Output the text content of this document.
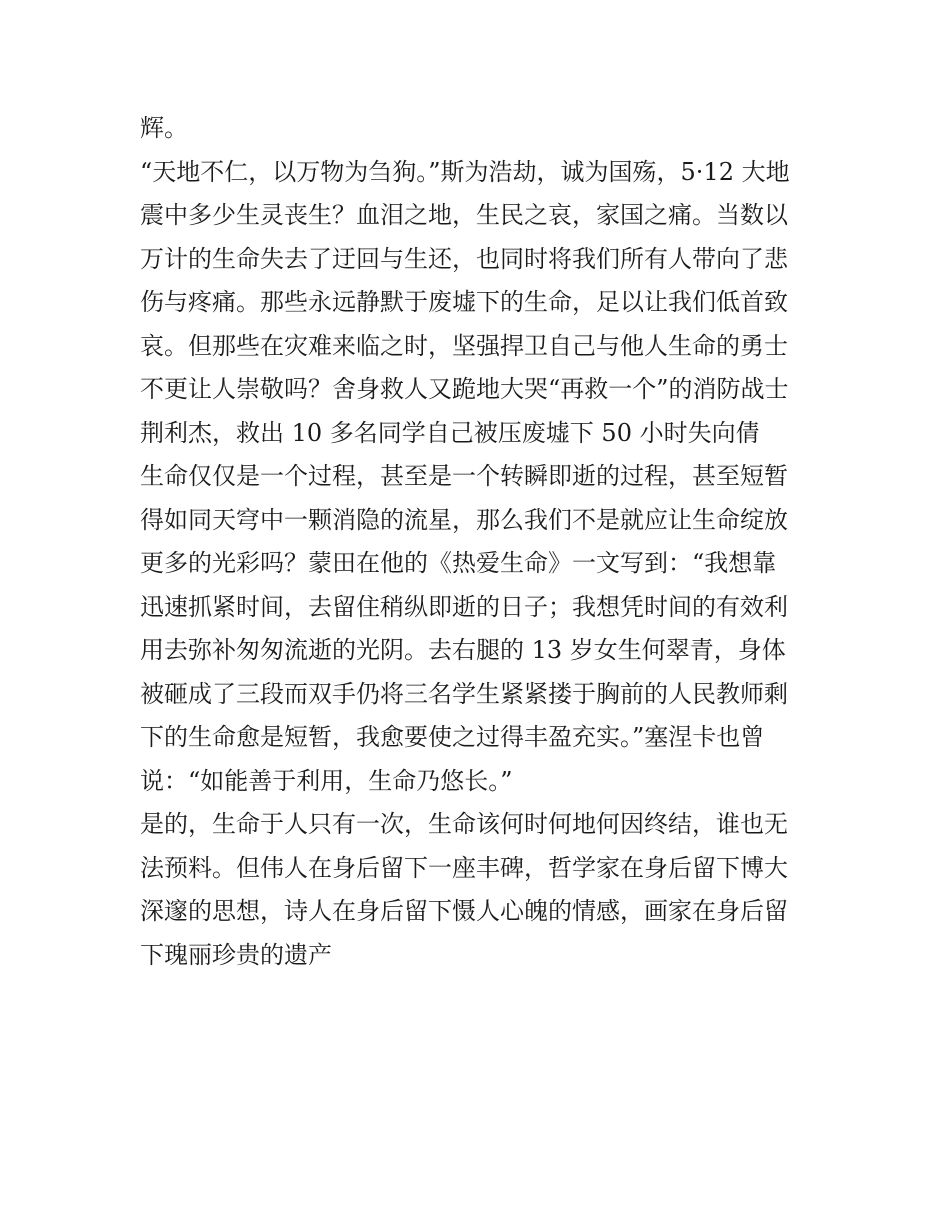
辉。
“天地不仁，以万物为刍狗。”斯为浩劫，诚为国殇，5·12 大地
震中多少生灵丧生？血泪之地，生民之哀，家国之痛。当数以
万计的生命失去了迂回与生还，也同时将我们所有人带向了悲
伤与疼痛。那些永远静默于废墟下的生命，足以让我们低首致
哀。但那些在灾难来临之时，坚强捍卫自己与他人生命的勇士
不更让人崇敬吗？舍身救人又跪地大哭“再救一个”的消防战士
荆利杰，救出 10 多名同学自己被压废墟下 50 小时失向倩
生命仅仅是一个过程，甚至是一个转瞬即逝的过程，甚至短暂
得如同天穹中一颗消隐的流星，那么我们不是就应让生命绽放
更多的光彩吗？蒙田在他的《热爱生命》一文写到：“我想靠
迅速抓紧时间，去留住稍纵即逝的日子；我想凭时间的有效利
用去弥补匆匆流逝的光阴。去右腿的 13 岁女生何翠青，身体
被砸成了三段而双手仍将三名学生紧紧搂于胸前的人民教师剩
下的生命愈是短暂，我愈要使之过得丰盈充实。”塞涅卡也曾
说：“如能善于利用，生命乃悠长。”
是的，生命于人只有一次，生命该何时何地何因终结，谁也无
法预料。但伟人在身后留下一座丰碑，哲学家在身后留下博大
深邃的思想，诗人在身后留下慑人心魄的情感，画家在身后留
下瑰丽珍贵的遗产
